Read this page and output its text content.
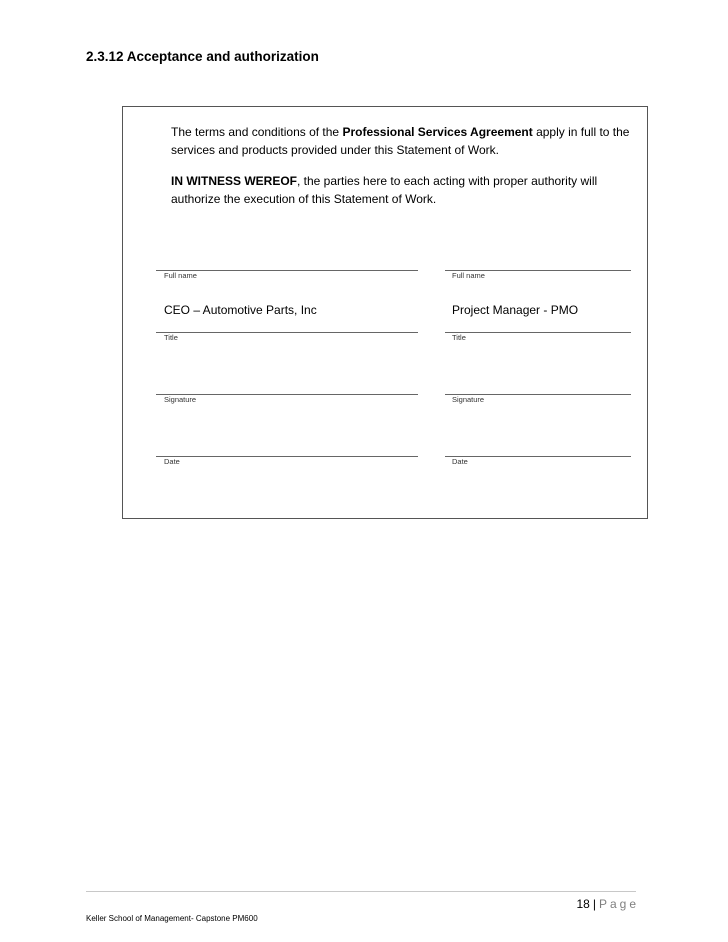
2.3.12 Acceptance and authorization
The terms and conditions of the Professional Services Agreement apply in full to the
services and products provided under this Statement of Work.
IN WITNESS WEREOF, the parties here to each acting with proper authority will
authorize the execution of this Statement of Work.
Full name
CEO – Automotive Parts, Inc
Title
Signature
Date
Full name
Project Manager - PMO
Title
Signature
Date
18 | Page
Keller School of Management- Capstone PM600
